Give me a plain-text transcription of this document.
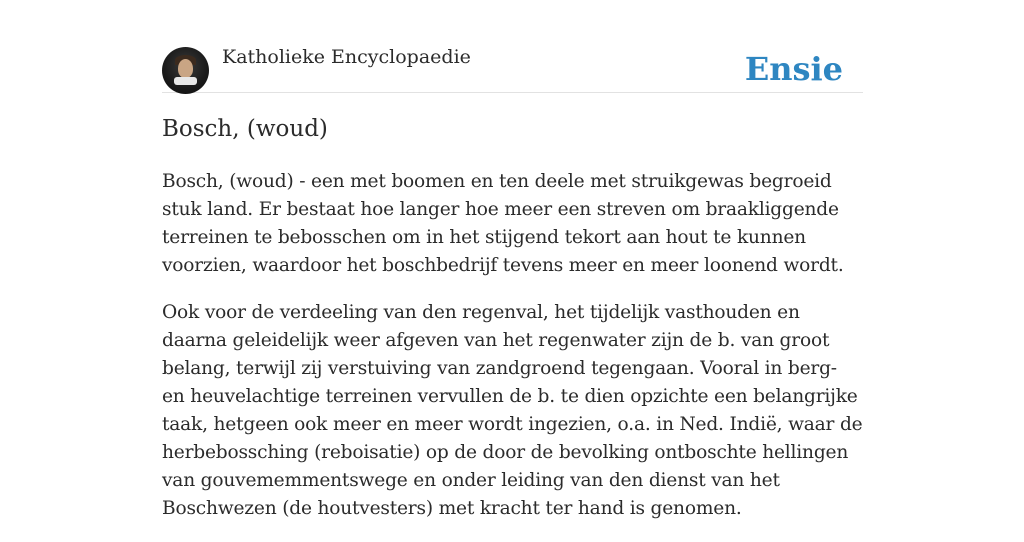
Katholieke Encyclopaedie	Ensie
Bosch, (woud)

Bosch, (woud) - een met boomen en ten deele met struikgewas begroeid stuk land. Er bestaat hoe langer hoe meer een streven om braakliggende terreinen te bebosschen om in het stijgend tekort aan hout te kunnen voorzien, waardoor het boschbedrijf tevens meer en meer loonend wordt.

Ook voor de verdeeling van den regenval, het tijdelijk vasthouden en daarna geleidelijk weer afgeven van het regenwater zijn de b. van groot belang, terwijl zij verstuiving van zandgroend tegengaan. Vooral in berg- en heuvelachtige terreinen vervullen de b. te dien opzichte een belangrijke taak, hetgeen ook meer en meer wordt ingezien, o.a. in Ned. Indië, waar de herbebossching (reboisatie) op de door de bevolking ontboschte hellingen van gouvememmentswege en onder leiding van den dienst van het Boschwezen (de houtvesters) met kracht ter hand is genomen.
